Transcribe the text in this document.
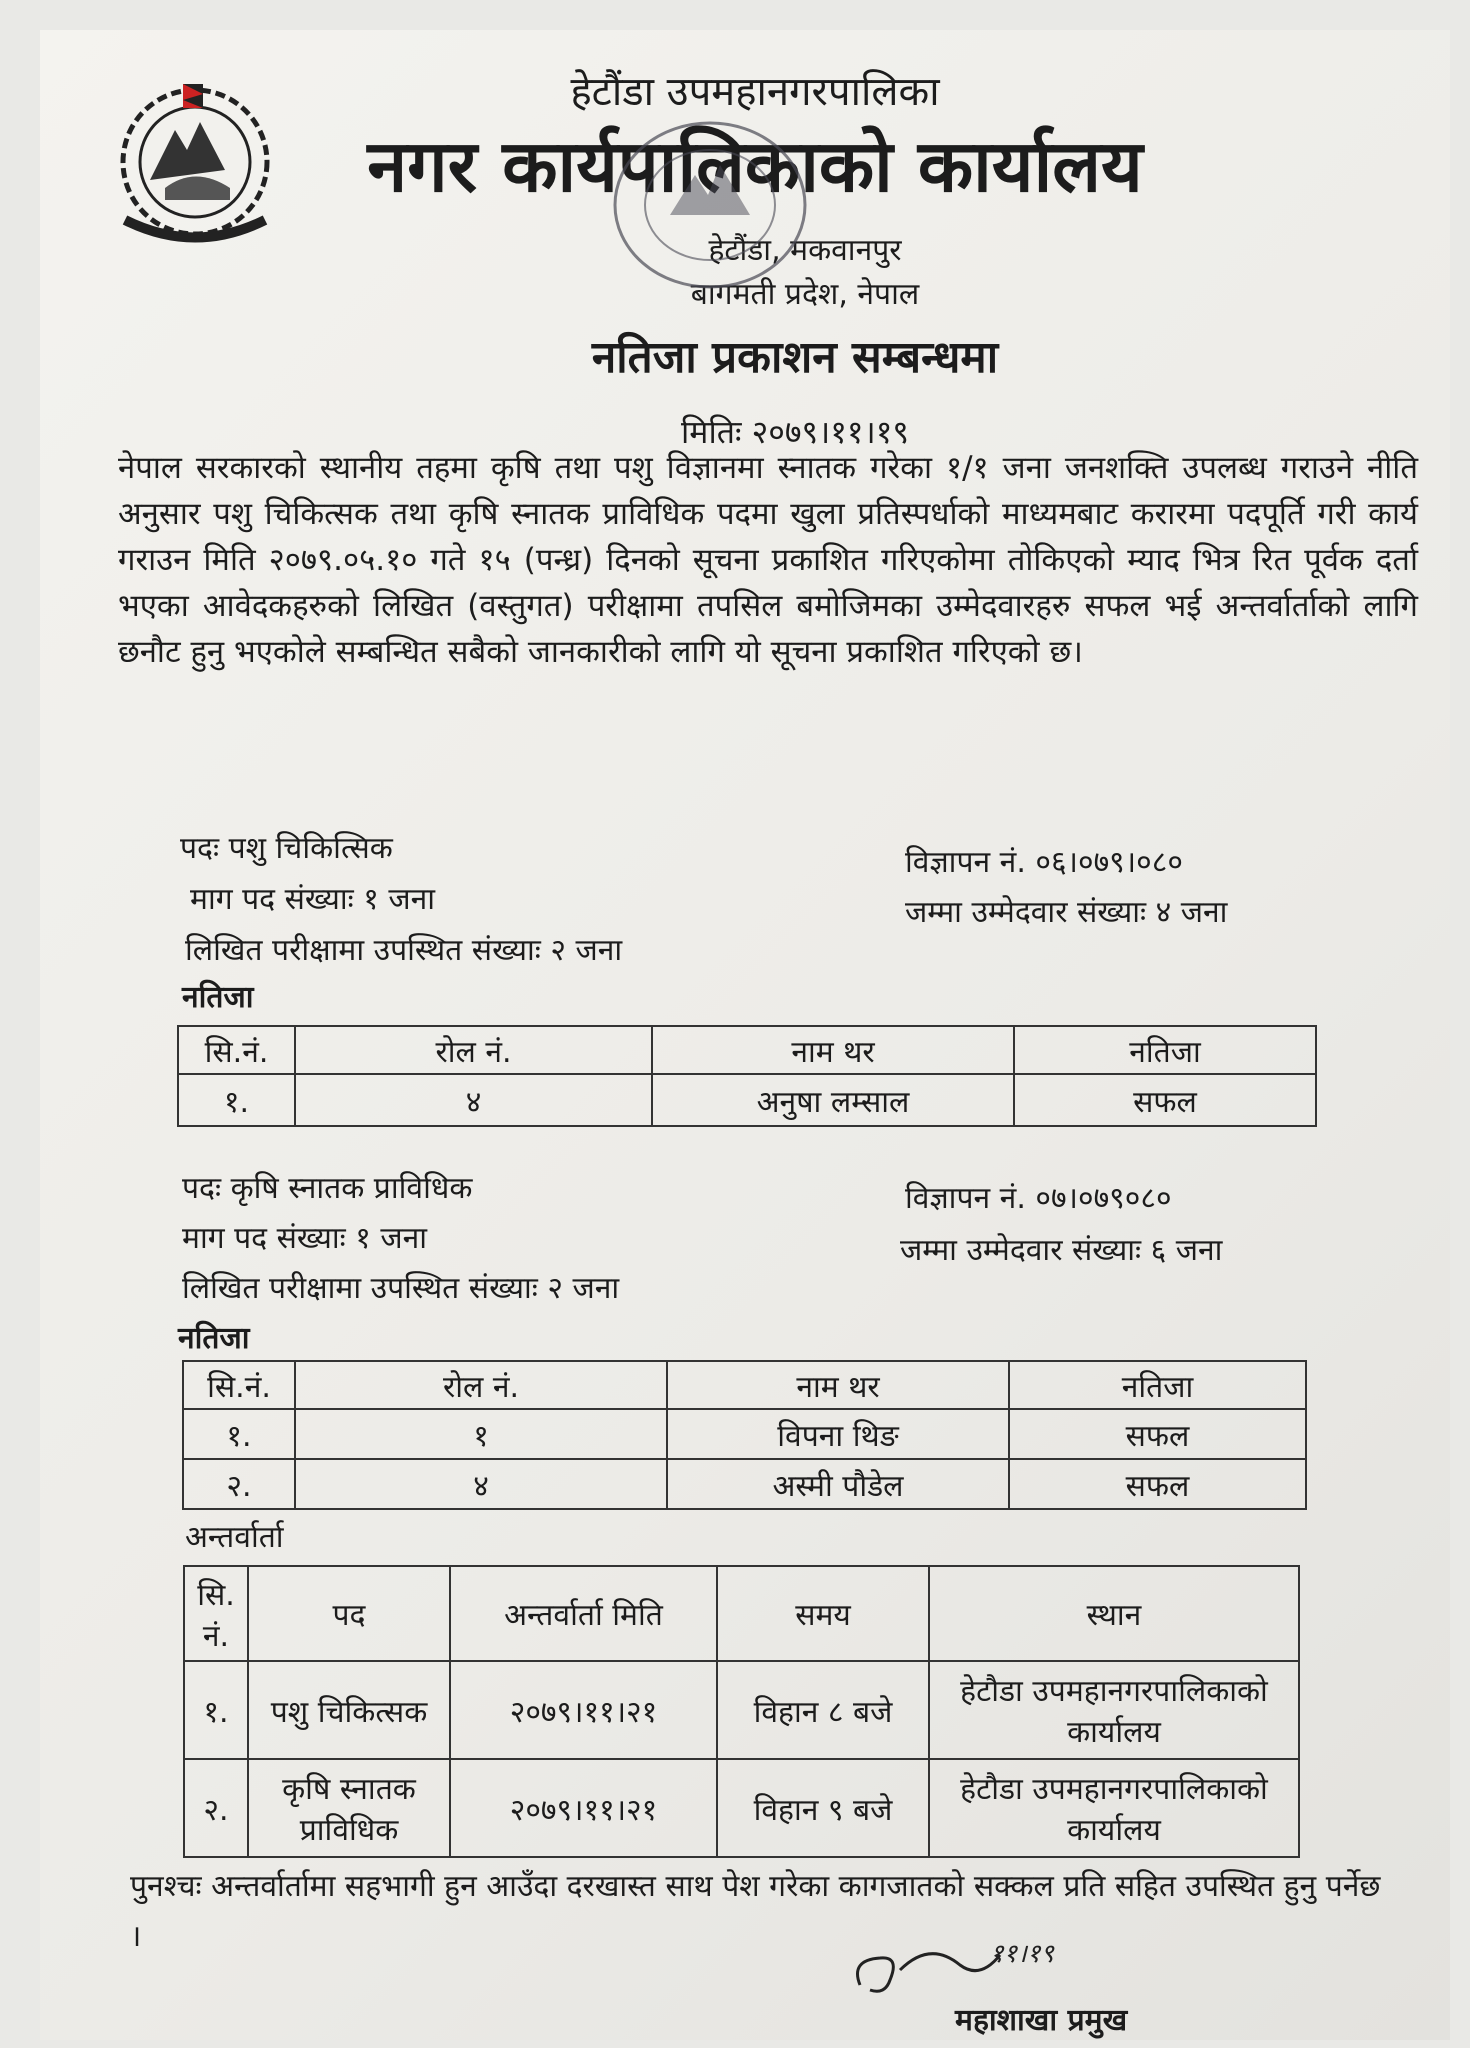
हेटौंडा उपमहानगरपालिका
नगर कार्यपालिकाको कार्यालय
हेटौंडा, मकवानपुर
बागमती प्रदेश, नेपाल
नतिजा प्रकाशन सम्बन्धमा
मितिः २०७९।११।१९
नेपाल सरकारको स्थानीय तहमा कृषि तथा पशु विज्ञानमा स्नातक गरेका १/१ जना जनशक्ति उपलब्ध गराउने नीति अनुसार पशु चिकित्सक तथा कृषि स्नातक प्राविधिक पदमा खुला प्रतिस्पर्धाको माध्यमबाट करारमा पदपूर्ति गरी कार्य गराउन मिति २०७९.०५.१० गते १५ (पन्ध्र) दिनको सूचना प्रकाशित गरिएकोमा तोकिएको म्याद भित्र रित पूर्वक दर्ता भएका आवेदकहरुको लिखित (वस्तुगत) परीक्षामा तपसिल बमोजिमका उम्मेदवारहरु सफल भई अन्तर्वार्ताको लागि छनौट हुनु भएकोले सम्बन्धित सबैको जानकारीको लागि यो सूचना प्रकाशित गरिएको छ।
पदः पशु चिकित्सिक
माग पद संख्याः १ जना
लिखित परीक्षामा उपस्थित संख्याः २ जना
विज्ञापन नं. ०६।०७९।०८०
जम्मा उम्मेदवार संख्याः ४ जना
नतिजा
सि.नं.	रोल नं.	नाम थर	नतिजा
१.	४	अनुषा लम्साल	सफल
पदः कृषि स्नातक प्राविधिक
माग पद संख्याः १ जना
लिखित परीक्षामा उपस्थित संख्याः २ जना
विज्ञापन नं. ०७।०७९०८०
जम्मा उम्मेदवार संख्याः ६ जना
नतिजा
सि.नं.	रोल नं.	नाम थर	नतिजा
१.	१	विपना थिङ	सफल
२.	४	अस्मी पौडेल	सफल
अन्तर्वार्ता
सि. नं.	पद	अन्तर्वार्ता मिति	समय	स्थान
१.	पशु चिकित्सक	२०७९।११।२१	विहान ८ बजे	हेटौडा उपमहानगरपालिकाको कार्यालय
२.	कृषि स्नातक प्राविधिक	२०७९।११।२१	विहान ९ बजे	हेटौडा उपमहानगरपालिकाको कार्यालय
पुनश्चः अन्तर्वार्तामा सहभागी हुन आउँदा दरखास्त साथ पेश गरेका कागजातको सक्कल प्रति सहित उपस्थित हुनु पर्नेछ ।	११।१९
महाशाखा प्रमुख
